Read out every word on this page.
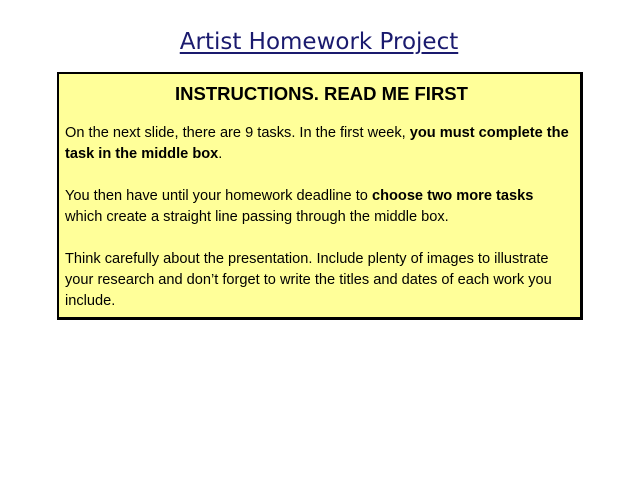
Artist Homework Project
INSTRUCTIONS. READ ME FIRST
On the next slide, there are 9 tasks. In the first week, you must complete the task in the middle box.
You then have until your homework deadline to choose two more tasks which create a straight line passing through the middle box.
Think carefully about the presentation. Include plenty of images to illustrate your research and don’t forget to write the titles and dates of each work you include.
